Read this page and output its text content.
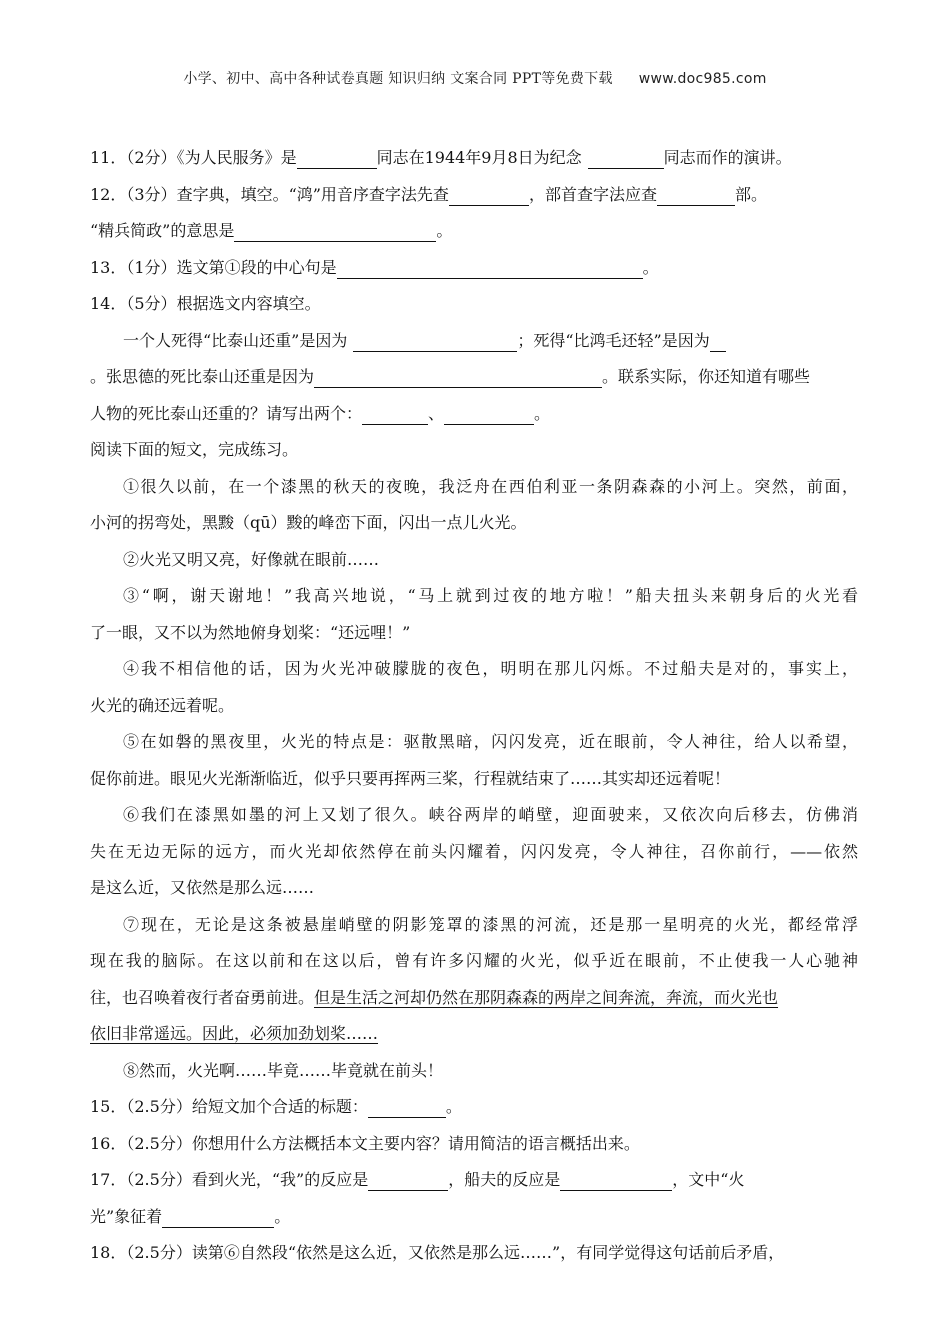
小学、初中、高中各种试卷真题 知识归纳 文案合同 PPT等免费下载 www.doc985.com
11．（2分）《为人民服务》是	同志在1944年9月8日为纪念	同志而作的演讲。
12．（3分）查字典，填空。“鸿”用音序查字法先查	，部首查字法应查	部。
“精兵简政”的意思是	。
13．（1分）选文第①段的中心句是	。
14．（5分）根据选文内容填空。
一个人死得“比泰山还重”是因为	；死得“比鸿毛还轻”是因为
。张思德的死比泰山还重是因为	。联系实际，你还知道有哪些
人物的死比泰山还重的？请写出两个：	、	。
阅读下面的短文，完成练习。
①很久以前，在一个漆黑的秋天的夜晚，我泛舟在西伯利亚一条阴森森的小河上。突然，前面，
小河的拐弯处，黑黢（qū）黢的峰峦下面，闪出一点儿火光。
②火光又明又亮，好像就在眼前……
③“啊，谢天谢地！”我高兴地说，“马上就到过夜的地方啦！”船夫扭头来朝身后的火光看
了一眼，又不以为然地俯身划桨：“还远哩！”
④我不相信他的话，因为火光冲破朦胧的夜色，明明在那儿闪烁。不过船夫是对的，事实上，
火光的确还远着呢。
⑤在如磐的黑夜里，火光的特点是：驱散黑暗，闪闪发亮，近在眼前，令人神往，给人以希望，
促你前进。眼见火光渐渐临近，似乎只要再挥两三桨，行程就结束了……其实却还远着呢！
⑥我们在漆黑如墨的河上又划了很久。峡谷两岸的峭壁，迎面驶来，又依次向后移去，仿佛消
失在无边无际的远方，而火光却依然停在前头闪耀着，闪闪发亮，令人神往，召你前行，——依然
是这么近，又依然是那么远……
⑦现在，无论是这条被悬崖峭壁的阴影笼罩的漆黑的河流，还是那一星明亮的火光，都经常浮
现在我的脑际。在这以前和在这以后，曾有许多闪耀的火光，似乎近在眼前，不止使我一人心驰神
往，也召唤着夜行者奋勇前进。但是生活之河却仍然在那阴森森的两岸之间奔流，奔流，而火光也
依旧非常遥远。因此，必须加劲划桨……
⑧然而，火光啊……毕竟……毕竟就在前头！
15．（2.5分）给短文加个合适的标题：	。
16．（2.5分）你想用什么方法概括本文主要内容？请用简洁的语言概括出来。
17．（2.5分）看到火光，“我”的反应是	，船夫的反应是	，文中“火
光”象征着	。
18．（2.5分）读第⑥自然段“依然是这么近，又依然是那么远……”，有同学觉得这句话前后矛盾，
